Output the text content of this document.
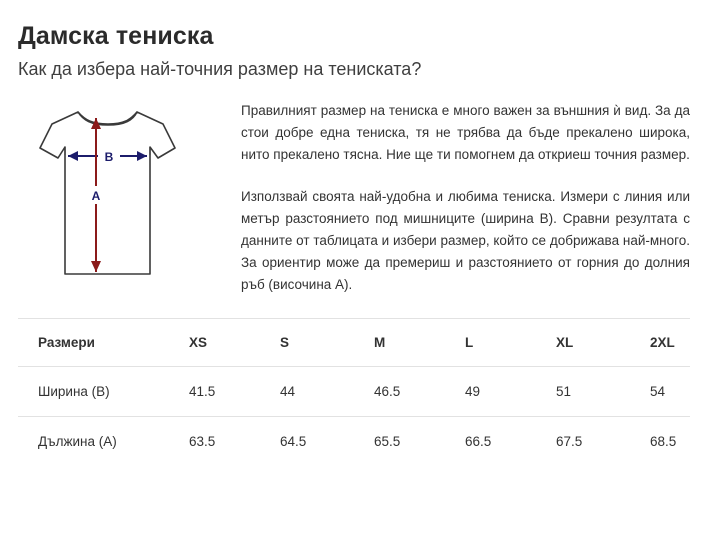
Дамска тениска
Как да избера най-точния размер на тениската?
B
A

Правилният размер на тениска е много важен за външния ѝ вид. За да стои добре една тениска, тя не трябва да бъде прекалено широка, нито прекалено тясна. Ние ще ти помогнем да откриеш точния размер.

Използвай своята най-удобна и любима тениска. Измери с линия или метър разстоянието под мишниците (ширина B). Сравни резултата с данните от таблицата и избери размер, който се добрижава най-много. За ориентир може да премериш и разстоянието от горния до долния ръб (височина A).

Размери	XS	S	M	L	XL	2XL
Ширина (B)	41.5	44	46.5	49	51	54
Дължина (A)	63.5	64.5	65.5	66.5	67.5	68.5
